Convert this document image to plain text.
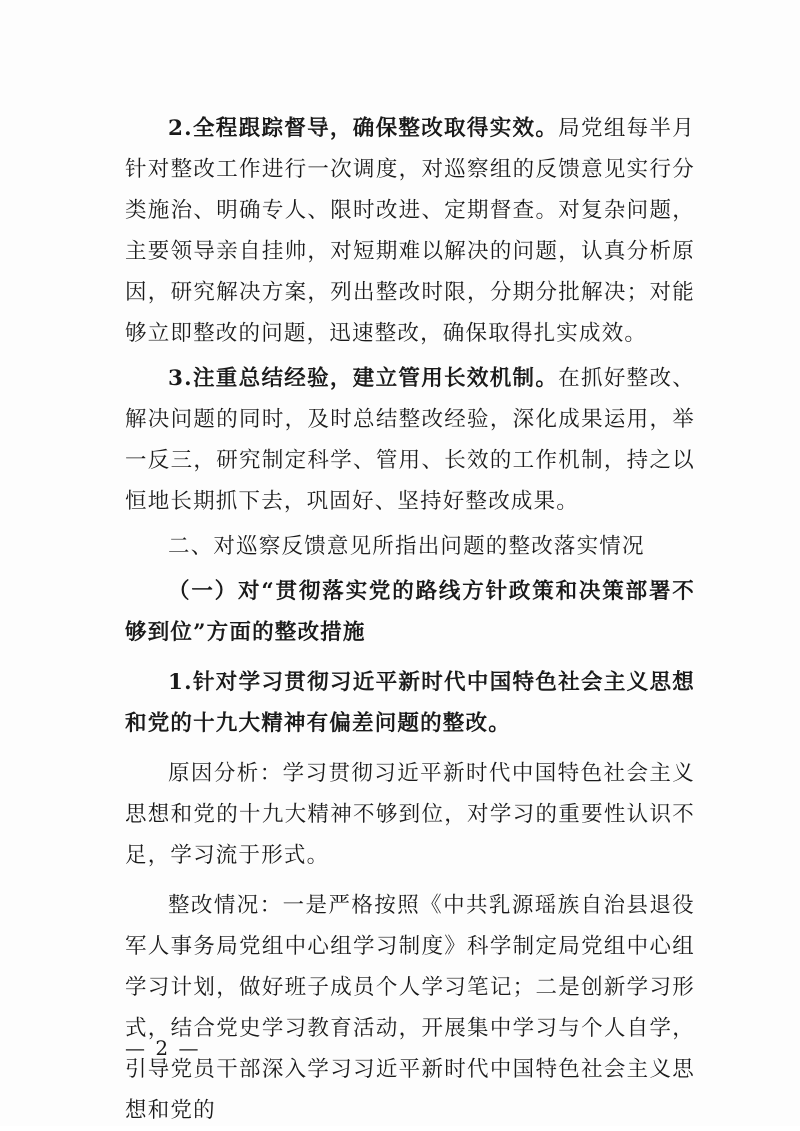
2.全程跟踪督导，确保整改取得实效。局党组每半月针对整改工作进行一次调度，对巡察组的反馈意见实行分类施治、明确专人、限时改进、定期督查。对复杂问题，主要领导亲自挂帅，对短期难以解决的问题，认真分析原因，研究解决方案，列出整改时限，分期分批解决；对能够立即整改的问题，迅速整改，确保取得扎实成效。

3.注重总结经验，建立管用长效机制。在抓好整改、解决问题的同时，及时总结整改经验，深化成果运用，举一反三，研究制定科学、管用、长效的工作机制，持之以恒地长期抓下去，巩固好、坚持好整改成果。

二、对巡察反馈意见所指出问题的整改落实情况

（一）对“贯彻落实党的路线方针政策和决策部署不够到位”方面的整改措施

1.针对学习贯彻习近平新时代中国特色社会主义思想和党的十九大精神有偏差问题的整改。

原因分析：学习贯彻习近平新时代中国特色社会主义思想和党的十九大精神不够到位，对学习的重要性认识不足，学习流于形式。

整改情况：一是严格按照《中共乳源瑶族自治县退役军人事务局党组中心组学习制度》科学制定局党组中心组学习计划，做好班子成员个人学习笔记；二是创新学习形式，结合党史学习教育活动，开展集中学习与个人自学，引导党员干部深入学习习近平新时代中国特色社会主义思想和党的

— 2 —
